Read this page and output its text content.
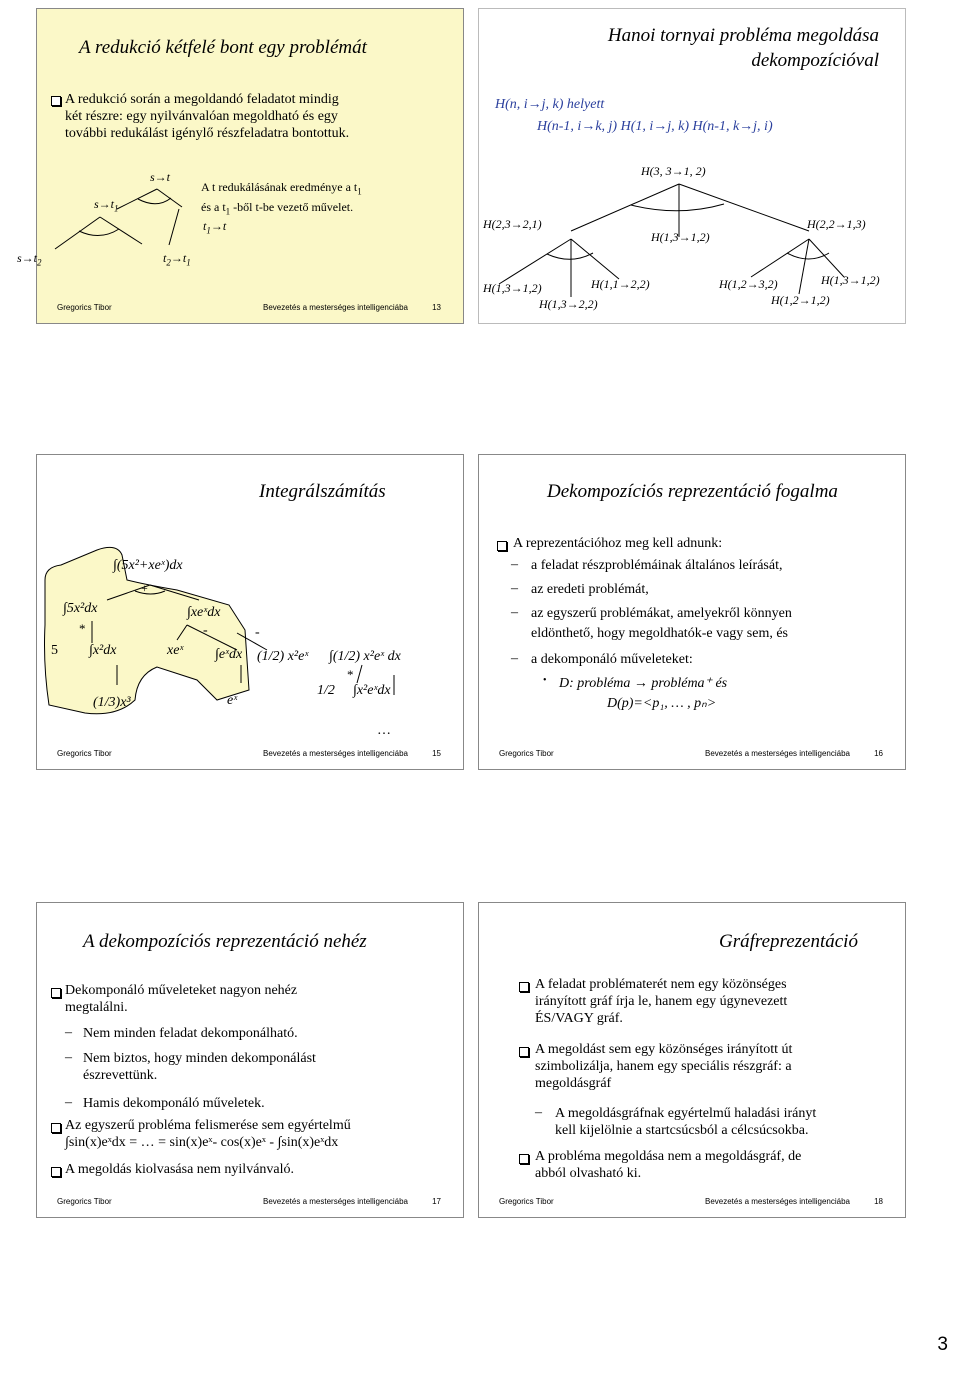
A redukció kétfelé bont egy problémát
A redukció során a megoldandó feladatot mindig
két részre: egy nyilvánvalóan megoldható és egy
további redukálást igénylő részfeladatra bontottuk.
A t redukálásának eredménye a $t_1$
és a $t_1$ -ből t-be vezető művelet.
s→t
$s\to t_1$
$t_1\to t$
$s\to t_2$	$t_2\to t_1$
Gregorics Tibor	Bevezetés a mesterséges intelligenciába	13
Hanoi tornyai probléma megoldása
dekompozícióval
H(n, i→j, k) helyett
H(n-1, i→k, j) H(1, i→j, k) H(n-1, k→j, i)
H(3, 3→1, 2)
H(2,3→2,1)
H(1,3→1,2)
H(2,2→1,3)
H(1,3→1,2)	H(1,1→2,2)
H(1,3→2,2)
H(1,2→3,2)	H(1,3→1,2)
H(1,2→1,2)
Integrálszámítás
∫(5x²+xeˣ)dx
+
∫5x²dx	∫xeˣdx
*	-	-
5 ∫x²dx	xeˣ ∫eˣdx (1/2) x²eˣ ∫(1/2) x²eˣ dx
*
(1/3)x³	eˣ
1/2 ∫x²eˣdx
…
Gregorics Tibor	Bevezetés a mesterséges intelligenciába	15
Dekompozíciós reprezentáció fogalma
A reprezentációhoz meg kell adnunk:
– a feladat részproblémáinak általános leírását,
– az eredeti problémát,
– az egyszerű problémákat, amelyekről könnyen
eldönthető, hogy megoldhatók-e vagy sem, és
– a dekomponáló műveleteket:
• D: probléma → probléma⁺ és
D(p)=<p₁, … , pₙ>
Gregorics Tibor	Bevezetés a mesterséges intelligenciába	16
A dekompozíciós reprezentáció nehéz
Dekomponáló műveleteket nagyon nehéz
megtalálni.
– Nem minden feladat dekomponálható.
– Nem biztos, hogy minden dekomponálást
észrevettünk.
– Hamis dekomponáló műveletek.
Az egyszerű probléma felismerése sem egyértelmű
∫sin(x)eˣdx = … = sin(x)eˣ- cos(x)eˣ - ∫sin(x)eˣdx
A megoldás kiolvasása nem nyilvánvaló.
Gregorics Tibor	Bevezetés a mesterséges intelligenciába	17
Gráfreprezentáció
A feladat problématerét nem egy közönséges
irányított gráf írja le, hanem egy úgynevezett
ÉS/VAGY gráf.
A megoldást sem egy közönséges irányított út
szimbolizálja, hanem egy speciális részgráf: a
megoldásgráf
– A megoldásgráfnak egyértelmű haladási irányt
kell kijelölnie a startcsúcsból a célcsúcsokba.
A probléma megoldása nem a megoldásgráf, de
abból olvasható ki.
Gregorics Tibor	Bevezetés a mesterséges intelligenciába	18
3
